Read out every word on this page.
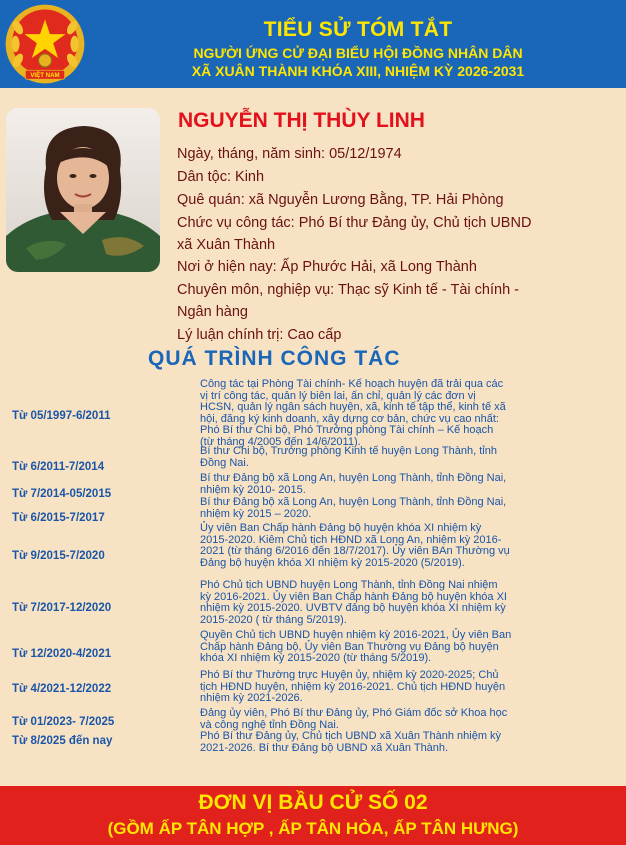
VIỆT NAM
TIỂU SỬ TÓM TẮT
NGƯỜI ỨNG CỬ ĐẠI BIỂU HỘI ĐỒNG NHÂN DÂN
XÃ XUÂN THÀNH KHÓA XIII, NHIỆM KỲ 2026-2031
NGUYỄN THỊ THÙY LINH
Ngày, tháng, năm sinh: 05/12/1974
Dân tộc: Kinh
Quê quán: xã Nguyễn Lương Bằng, TP. Hải Phòng
Chức vụ công tác: Phó Bí thư Đảng ủy, Chủ tịch UBND
xã Xuân Thành
Nơi ở hiện nay: Ấp Phước Hải, xã Long Thành
Chuyên môn, nghiệp vụ: Thạc sỹ Kinh tế - Tài chính -
Ngân hàng
Lý luận chính trị: Cao cấp
QUÁ TRÌNH CÔNG TÁC
Từ 05/1997-6/2011
Công tác tại Phòng Tài chính- Kế hoạch huyện đã trải qua các
vị trí công tác, quản lý biên lai, ấn chỉ, quản lý các đơn vị
HCSN, quản lý ngân sách huyện, xã, kinh tế tập thể, kinh tế xã
hội, đăng ký kinh doanh, xây dựng cơ bản, chức vụ cao nhất:
Phó Bí thư Chi bộ, Phó Trưởng phòng Tài chính – Kế hoạch
(từ tháng 4/2005 đến 14/6/2011).
Từ 6/2011-7/2014
Bí thư Chi bộ, Trưởng phòng Kinh tế huyện Long Thành, tỉnh
Đồng Nai.
Từ 7/2014-05/2015
Bí thư Đảng bộ xã Long An, huyện Long Thành, tỉnh Đồng Nai,
nhiệm kỳ 2010- 2015.
Từ 6/2015-7/2017
Bí thư Đảng bộ xã Long An, huyện Long Thành, tỉnh Đồng Nai,
nhiệm kỳ 2015 – 2020.
Từ 9/2015-7/2020
Ủy viên Ban Chấp hành Đảng bộ huyện khóa XI nhiệm kỳ
2015-2020. Kiêm Chủ tịch HĐND xã Long An, nhiệm kỳ 2016-
2021 (từ tháng 6/2016 đến 18/7/2017). Ủy viên BAn Thường vụ
Đảng bộ huyện khóa XI nhiệm kỳ 2015-2020 (5/2019).
Từ 7/2017-12/2020
Phó Chủ tịch UBND huyện Long Thành, tỉnh Đồng Nai nhiệm
kỳ 2016-2021. Ủy viên Ban Chấp hành Đảng bộ huyện khóa XI
nhiệm kỳ 2015-2020. UVBTV đảng bộ huyện khóa XI nhiệm kỳ
2015-2020 ( từ tháng 5/2019).
Từ 12/2020-4/2021
Quyền Chủ tịch UBND huyện nhiệm kỳ 2016-2021, Ủy viên Ban
Chấp hành Đảng bộ, Ủy viên Ban Thường vụ Đảng bộ huyện
khóa XI nhiệm kỳ 2015-2020 (từ tháng 5/2019).
Từ 4/2021-12/2022
Phó Bí thư Thường trực Huyện ủy, nhiệm kỳ 2020-2025; Chủ
tịch HĐND huyện, nhiệm kỳ 2016-2021. Chủ tịch HĐND huyện
nhiệm kỳ 2021-2026.
Từ 01/2023- 7/2025
Đảng ủy viên, Phó Bí thư Đảng ủy, Phó Giám đốc sở Khoa học
và công nghệ tỉnh Đồng Nai.
Từ 8/2025 đến nay	Phó Bí thư Đảng ủy, Chủ tịch UBND xã Xuân Thành nhiệm kỳ
2021-2026. Bí thư Đảng bộ UBND xã Xuân Thành.
ĐƠN VỊ BẦU CỬ SỐ 02
(GỒM ẤP TÂN HỢP , ẤP TÂN HÒA, ẤP TÂN HƯNG)
